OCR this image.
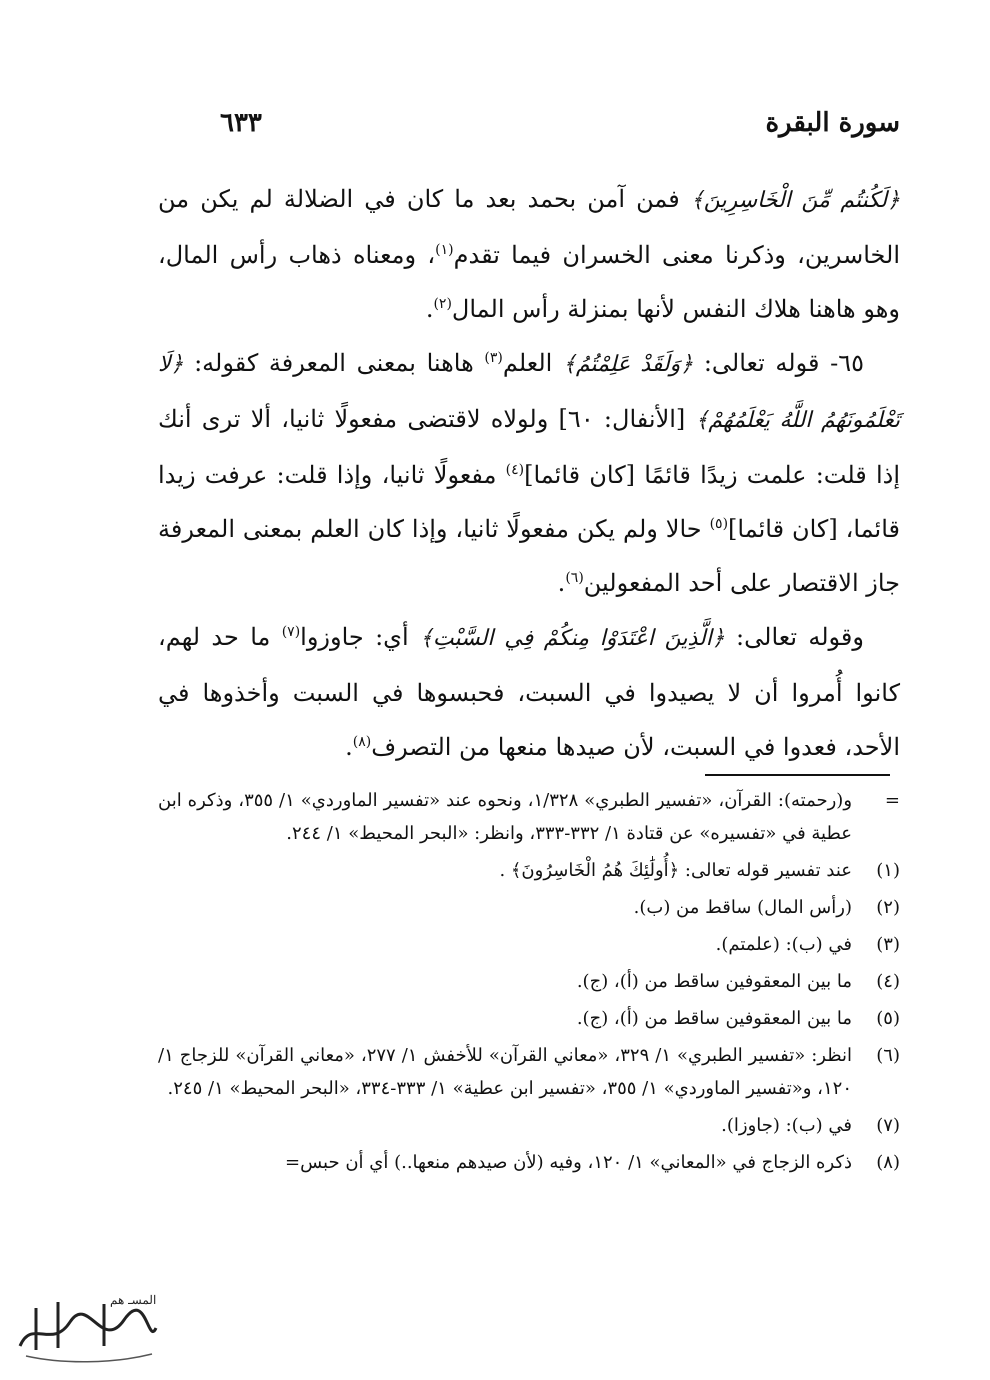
سورة البقرة
٦٣٣

﴿لَكُنتُم مِّنَ الْخَاسِرِينَ﴾ فمن آمن بحمد بعد ما كان في الضلالة لم يكن من الخاسرين، وذكرنا معنى الخسران فيما تقدم$^{(١)}$، ومعناه ذهاب رأس المال، وهو هاهنا هلاك النفس لأنها بمنزلة رأس المال$^{(٢)}$.

٦٥- قوله تعالى: ﴿وَلَقَدْ عَلِمْتُمُ﴾ العلم$^{(٣)}$ هاهنا بمعنى المعرفة كقوله: ﴿لَا تَعْلَمُونَهُمُ اللَّهُ يَعْلَمُهُمْ﴾ [الأنفال: ٦٠] ولولاه لاقتضى مفعولًا ثانيا، ألا ترى أنك إذا قلت: علمت زيدًا قائمًا [كان قائما]$^{(٤)}$ مفعولًا ثانيا، وإذا قلت: عرفت زيدا قائما، [كان قائما]$^{(٥)}$ حالا ولم يكن مفعولًا ثانيا، وإذا كان العلم بمعنى المعرفة جاز الاقتصار على أحد المفعولين$^{(٦)}$.

وقوله تعالى: ﴿الَّذِينَ اعْتَدَوْا مِنكُمْ فِي السَّبْتِ﴾ أي: جاوزوا$^{(٧)}$ ما حد لهم، كانوا أُمروا أن لا يصيدوا في السبت، فحبسوها في السبت وأخذوها في الأحد، فعدوا في السبت، لأن صيدها منعها من التصرف$^{(٨)}$.

=
و(رحمته): القرآن، «تفسير الطبري» ١/٣٢٨، ونحوه عند «تفسير الماوردي» ١/ ٣٥٥، وذكره ابن عطية في «تفسيره» عن قتادة ١/ ٣٣٢-٣٣٣، وانظر: «البحر المحيط» ١/ ٢٤٤.
(١)
عند تفسير قوله تعالى: ﴿أُولَٰئِكَ هُمُ الْخَاسِرُونَ﴾ .
(٢)
(رأس المال) ساقط من (ب).
(٣)
في (ب): (علمتم).
(٤)
ما بين المعقوفين ساقط من (أ)، (ج).
(٥)
ما بين المعقوفين ساقط من (أ)، (ج).
(٦)
انظر: «تفسير الطبري» ١/ ٣٢٩، «معاني القرآن» للأخفش ١/ ٢٧٧، «معاني القرآن» للزجاج ١/ ١٢٠، و«تفسير الماوردي» ١/ ٣٥٥، «تفسير ابن عطية» ١/ ٣٣٣-٣٣٤، «البحر المحيط» ١/ ٢٤٥.
(٧)
في (ب): (جاوزا).
(٨)
ذكره الزجاج في «المعاني» ١/ ١٢٠، وفيه (لأن صيدهم منعها..) أي أن حبس=
المسـ هم
